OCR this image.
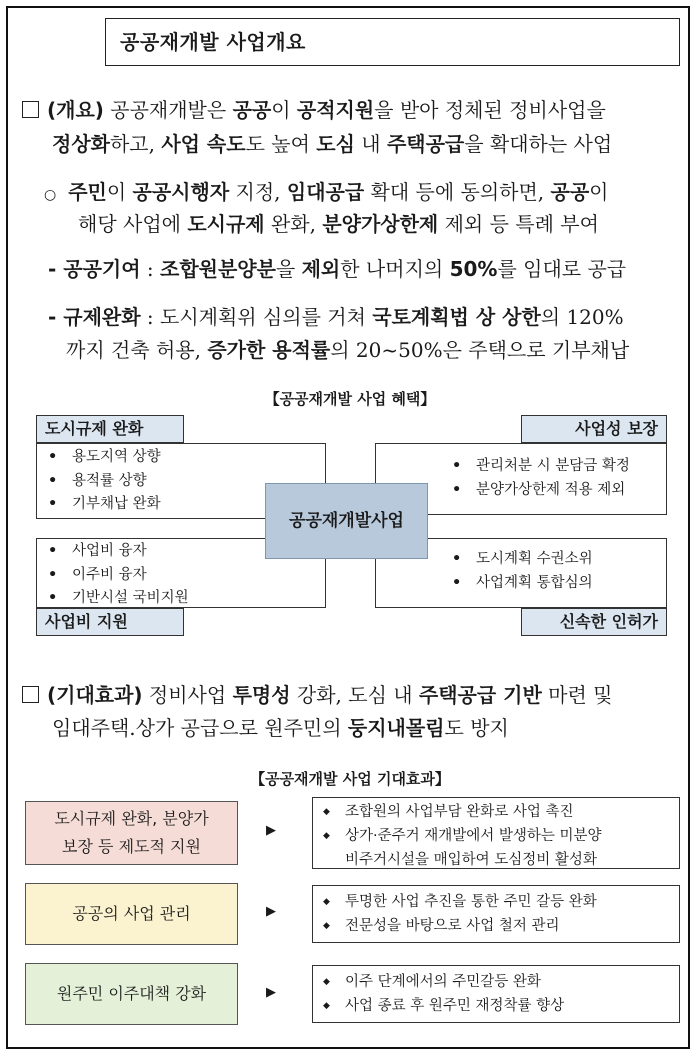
공공재개발 사업개요
(개요) 공공재개발은 공공이 공적지원을 받아 정체된 정비사업을
정상화하고, 사업 속도도 높여 도심 내 주택공급을 확대하는 사업
○ 주민이 공공시행자 지정, 임대공급 확대 등에 동의하면, 공공이
해당 사업에 도시규제 완화, 분양가상한제 제외 등 특례 부여
- 공공기여 : 조합원분양분을 제외한 나머지의 50%를 임대로 공급
- 규제완화 : 도시계획위 심의를 거쳐 국토계획법 상 상한의 120%
까지 건축 허용, 증가한 용적률의 20~50%은 주택으로 기부채납
【공공재개발 사업 혜택】
도시규제 완화
• 용도지역 상향
• 용적률 상향
• 기부채납 완화
사업성 보장
• 관리처분 시 분담금 확정
• 분양가상한제 적용 제외
사업비 지원
• 사업비 융자
• 이주비 융자
• 기반시설 국비지원
신속한 인허가
• 도시계획 수권소위
• 사업계획 통합심의
공공재개발사업
(기대효과) 정비사업 투명성 강화, 도심 내 주택공급 기반 마련 및
임대주택.상가 공급으로 원주민의 둥지내몰림도 방지
【공공재개발 사업 기대효과】
도시규제 완화, 분양가
보장 등 제도적 지원
▶
◆ 조합원의 사업부담 완화로 사업 촉진
◆ 상가·준주거 재개발에서 발생하는 미분양
비주거시설을 매입하여 도심정비 활성화
공공의 사업 관리	▶
◆ 투명한 사업 추진을 통한 주민 갈등 완화
◆ 전문성을 바탕으로 사업 철저 관리
원주민 이주대책 강화	▶
◆ 이주 단계에서의 주민갈등 완화
◆ 사업 종료 후 원주민 재정착률 향상
